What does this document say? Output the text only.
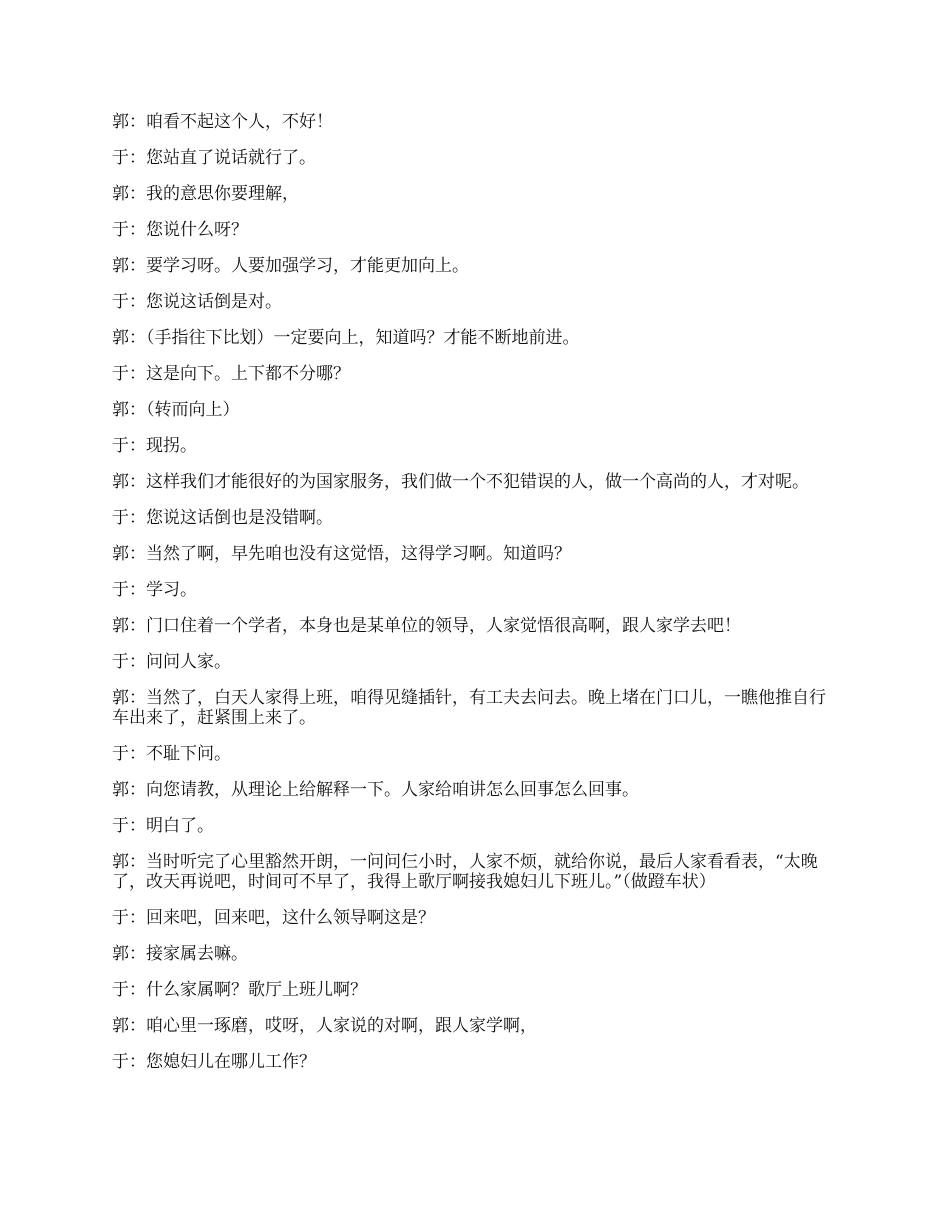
郭：咱看不起这个人，不好！

于：您站直了说话就行了。

郭：我的意思你要理解，

于：您说什么呀？

郭：要学习呀。人要加强学习，才能更加向上。

于：您说这话倒是对。

郭：（手指往下比划）一定要向上，知道吗？才能不断地前进。

于：这是向下。上下都不分哪？

郭：（转而向上）

于：现拐。

郭：这样我们才能很好的为国家服务，我们做一个不犯错误的人，做一个高尚的人，才对呢。

于：您说这话倒也是没错啊。

郭：当然了啊，早先咱也没有这觉悟，这得学习啊。知道吗？

于：学习。

郭：门口住着一个学者，本身也是某单位的领导，人家觉悟很高啊，跟人家学去吧！

于：问问人家。

郭：当然了，白天人家得上班，咱得见缝插针，有工夫去问去。晚上堵在门口儿，一瞧他推自行车出来了，赶紧围上来了。

于：不耻下问。

郭：向您请教，从理论上给解释一下。人家给咱讲怎么回事怎么回事。

于：明白了。

郭：当时听完了心里豁然开朗，一问问仨小时，人家不烦，就给你说，最后人家看看表，“太晚了，改天再说吧，时间可不早了，我得上歌厅啊接我媳妇儿下班儿。”（做蹬车状）

于：回来吧，回来吧，这什么领导啊这是？

郭：接家属去嘛。

于：什么家属啊？歌厅上班儿啊？

郭：咱心里一琢磨，哎呀，人家说的对啊，跟人家学啊，

于：您媳妇儿在哪儿工作？
